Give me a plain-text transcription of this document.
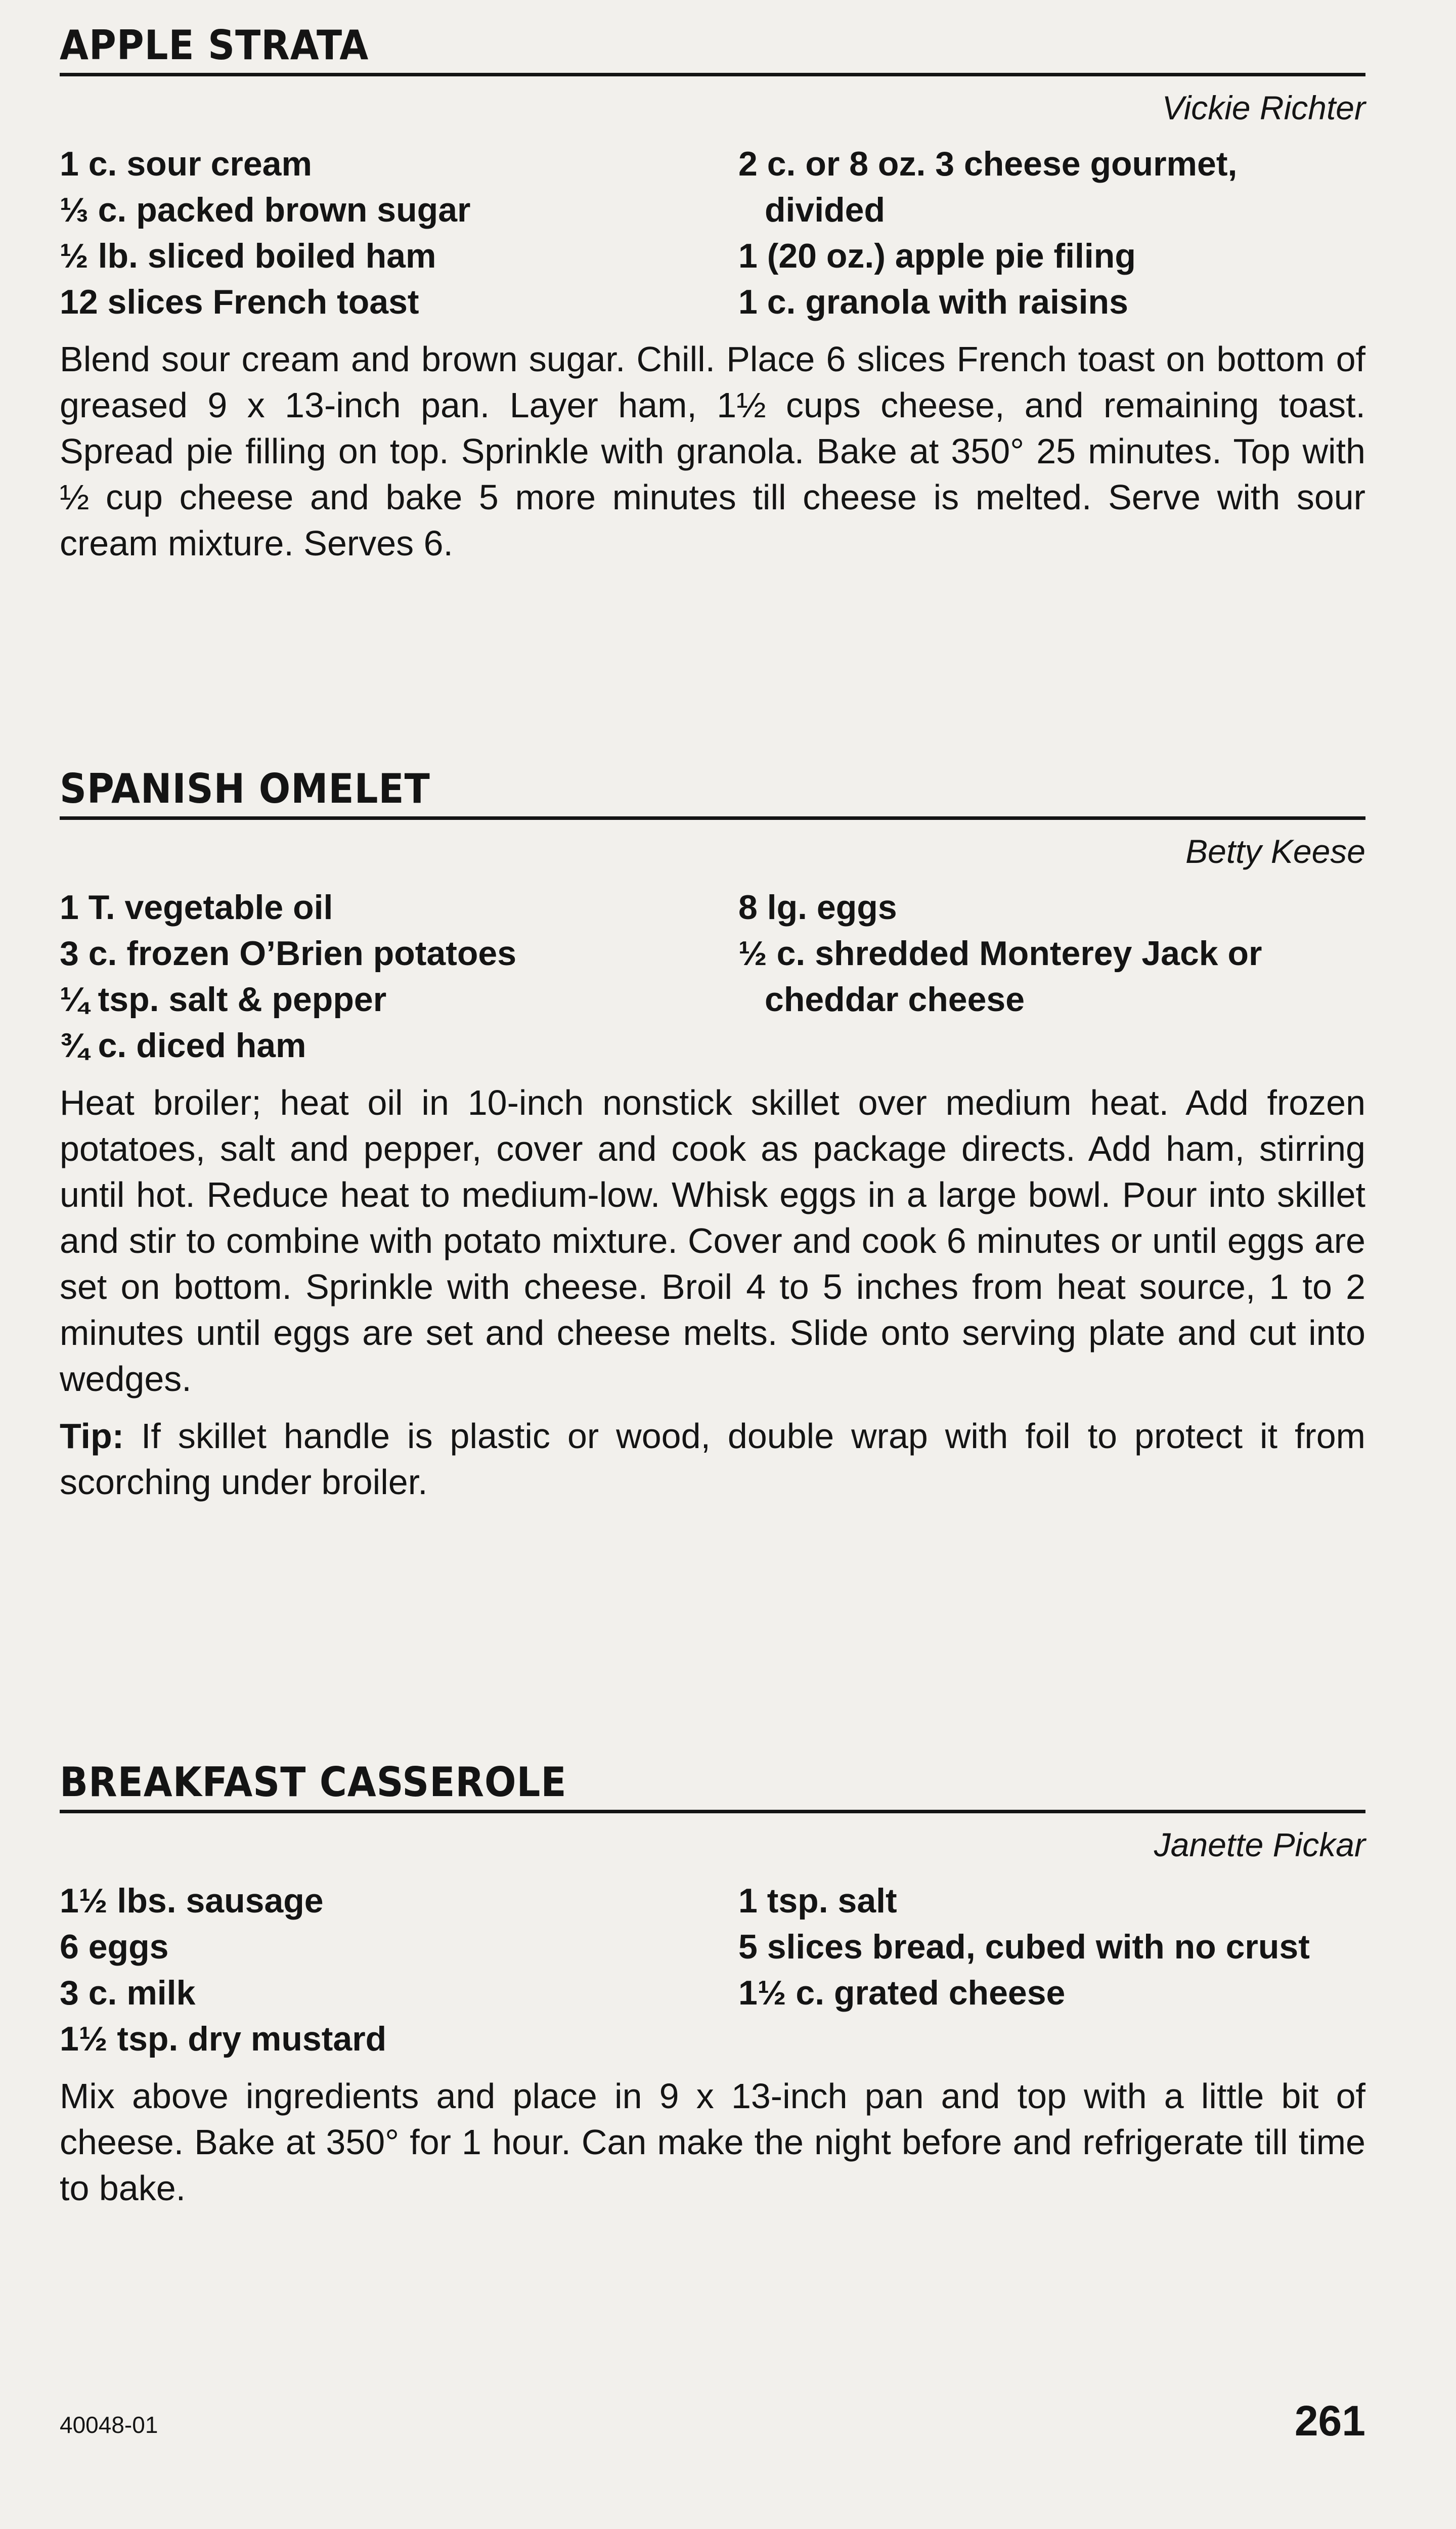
APPLE STRATA
Vickie Richter
1 c. sour cream
⅓ c. packed brown sugar
½ lb. sliced boiled ham
12 slices French toast
2 c. or 8 oz. 3 cheese gourmet, divided
1 (20 oz.) apple pie filing
1 c. granola with raisins
Blend sour cream and brown sugar. Chill. Place 6 slices French toast on bottom of greased 9 x 13-inch pan. Layer ham, 1½ cups cheese, and remaining toast. Spread pie filling on top. Sprinkle with granola. Bake at 350° 25 minutes. Top with ½ cup cheese and bake 5 more minutes till cheese is melted. Serve with sour cream mixture. Serves 6.
SPANISH OMELET
Betty Keese
1 T. vegetable oil
3 c. frozen O’Brien potatoes
¼ tsp. salt & pepper
¾ c. diced ham
8 lg. eggs
½ c. shredded Monterey Jack or cheddar cheese
Heat broiler; heat oil in 10-inch nonstick skillet over medium heat. Add frozen potatoes, salt and pepper, cover and cook as package directs. Add ham, stirring until hot. Reduce heat to medium-low. Whisk eggs in a large bowl. Pour into skillet and stir to combine with potato mixture. Cover and cook 6 minutes or until eggs are set on bottom. Sprinkle with cheese. Broil 4 to 5 inches from heat source, 1 to 2 minutes until eggs are set and cheese melts. Slide onto serving plate and cut into wedges.
Tip: If skillet handle is plastic or wood, double wrap with foil to protect it from scorching under broiler.
BREAKFAST CASSEROLE
Janette Pickar
1½ lbs. sausage
6 eggs
3 c. milk
1½ tsp. dry mustard
1 tsp. salt
5 slices bread, cubed with no crust
1½ c. grated cheese
Mix above ingredients and place in 9 x 13-inch pan and top with a little bit of cheese. Bake at 350° for 1 hour. Can make the night before and refrigerate till time to bake.
40048-01	261
